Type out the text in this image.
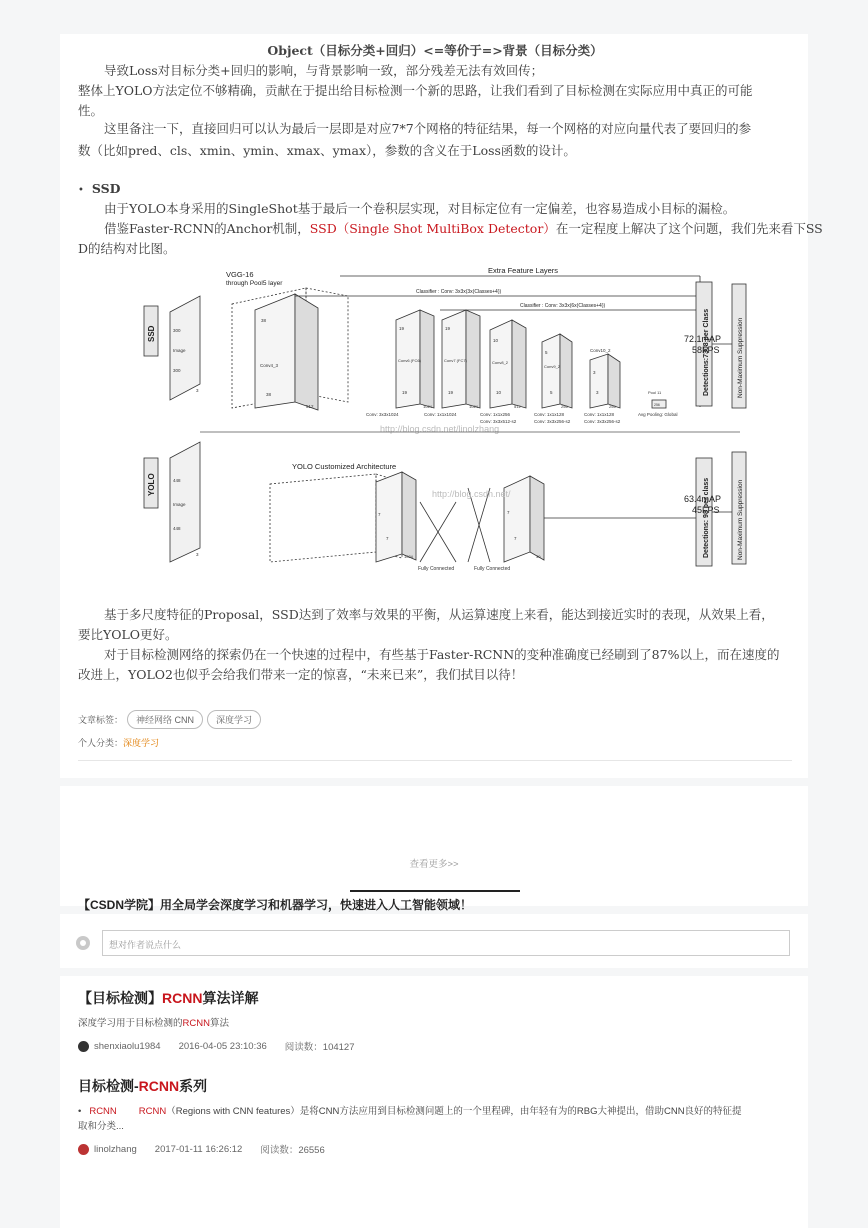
Object（目标分类+回归）<=等价于=>背景（目标分类）
导致Loss对目标分类+回归的影响，与背景影响一致，部分残差无法有效回传；
整体上YOLO方法定位不够精确，贡献在于提出给目标检测一个新的思路，让我们看到了目标检测在实际应用中真正的可能
性。
这里备注一下，直接回归可以认为最后一层即是对应7*7个网格的特征结果，每一个网格的对应向量代表了要回归的参
数（比如pred、cls、xmin、ymin、xmax、ymax），参数的含义在于Loss函数的设计。
• SSD
由于YOLO本身采用的SingleShot基于最后一个卷积层实现，对目标定位有一定偏差，也容易造成小目标的漏检。
借鉴Faster-RCNN的Anchor机制，SSD（Single Shot MultiBox Detector）在一定程度上解决了这个问题，我们先来看下SS
D的结构对比图。
SSD	300
Image
300
3
VGG-16
through Pool5 layer
38
Conv4_3
38
512
Extra Feature Layers
Classifier : Conv: 3x3x(3x(Classes+4))
Classifier : Conv: 3x3x(6x(Classes+4))
19
Conv6 (FC6)
19
1024
19
Conv7 (FC7)
19
1024
10
Conv8_2
10
512
5
Conv9_2
5
256
Conv10_2
3
3
256
Pool 11
256
Avg Pooling: Global
Conv: 3x3x1024	Conv: 1x1x1024	Conv: 1x1x256
Conv: 3x3x512-s2
Conv: 1x1x128
Conv: 3x3x256-s2
Conv: 1x1x128
Conv: 3x3x256-s2
Detections:7308 per Class	Non-Maximum Suppression
http://blog.csdn.net/linolzhang
YOLO	448
Image
448
3
YOLO Customized Architecture
7
7
1024
Fully Connected	Fully Connected
7
7
30
http://blog.csdn.net/	Detections: 98 per class	Non-Maximum Suppression
72.1mAP
58FPS
63.4mAP
45FPS
基于多尺度特征的Proposal，SSD达到了效率与效果的平衡，从运算速度上来看，能达到接近实时的表现，从效果上看，
要比YOLO更好。
对于目标检测网络的探索仍在一个快速的过程中，有些基于Faster-RCNN的变种准确度已经刷到了87%以上，而在速度的
改进上，YOLO2也似乎会给我们带来一定的惊喜，“未来已来”，我们拭目以待！
文章标签： 神经网络 CNN 深度学习
个人分类：深度学习
查看更多>>
【CSDN学院】用全局学会深度学习和机器学习，快速进入人工智能领域！
想对作者说点什么
【目标检测】RCNN算法详解
深度学习用于目标检测的RCNN算法
shenxiaolu1984 2016-04-05 23:10:36 阅读数：104127
目标检测-RCNN系列
• RCNN RCNN（Regions with CNN features）是将CNN方法应用到目标检测问题上的一个里程碑，由年轻有为的RBG大神提出，借助CNN良好的特征提
取和分类...
linolzhang 2017-01-11 16:26:12 阅读数：26556
